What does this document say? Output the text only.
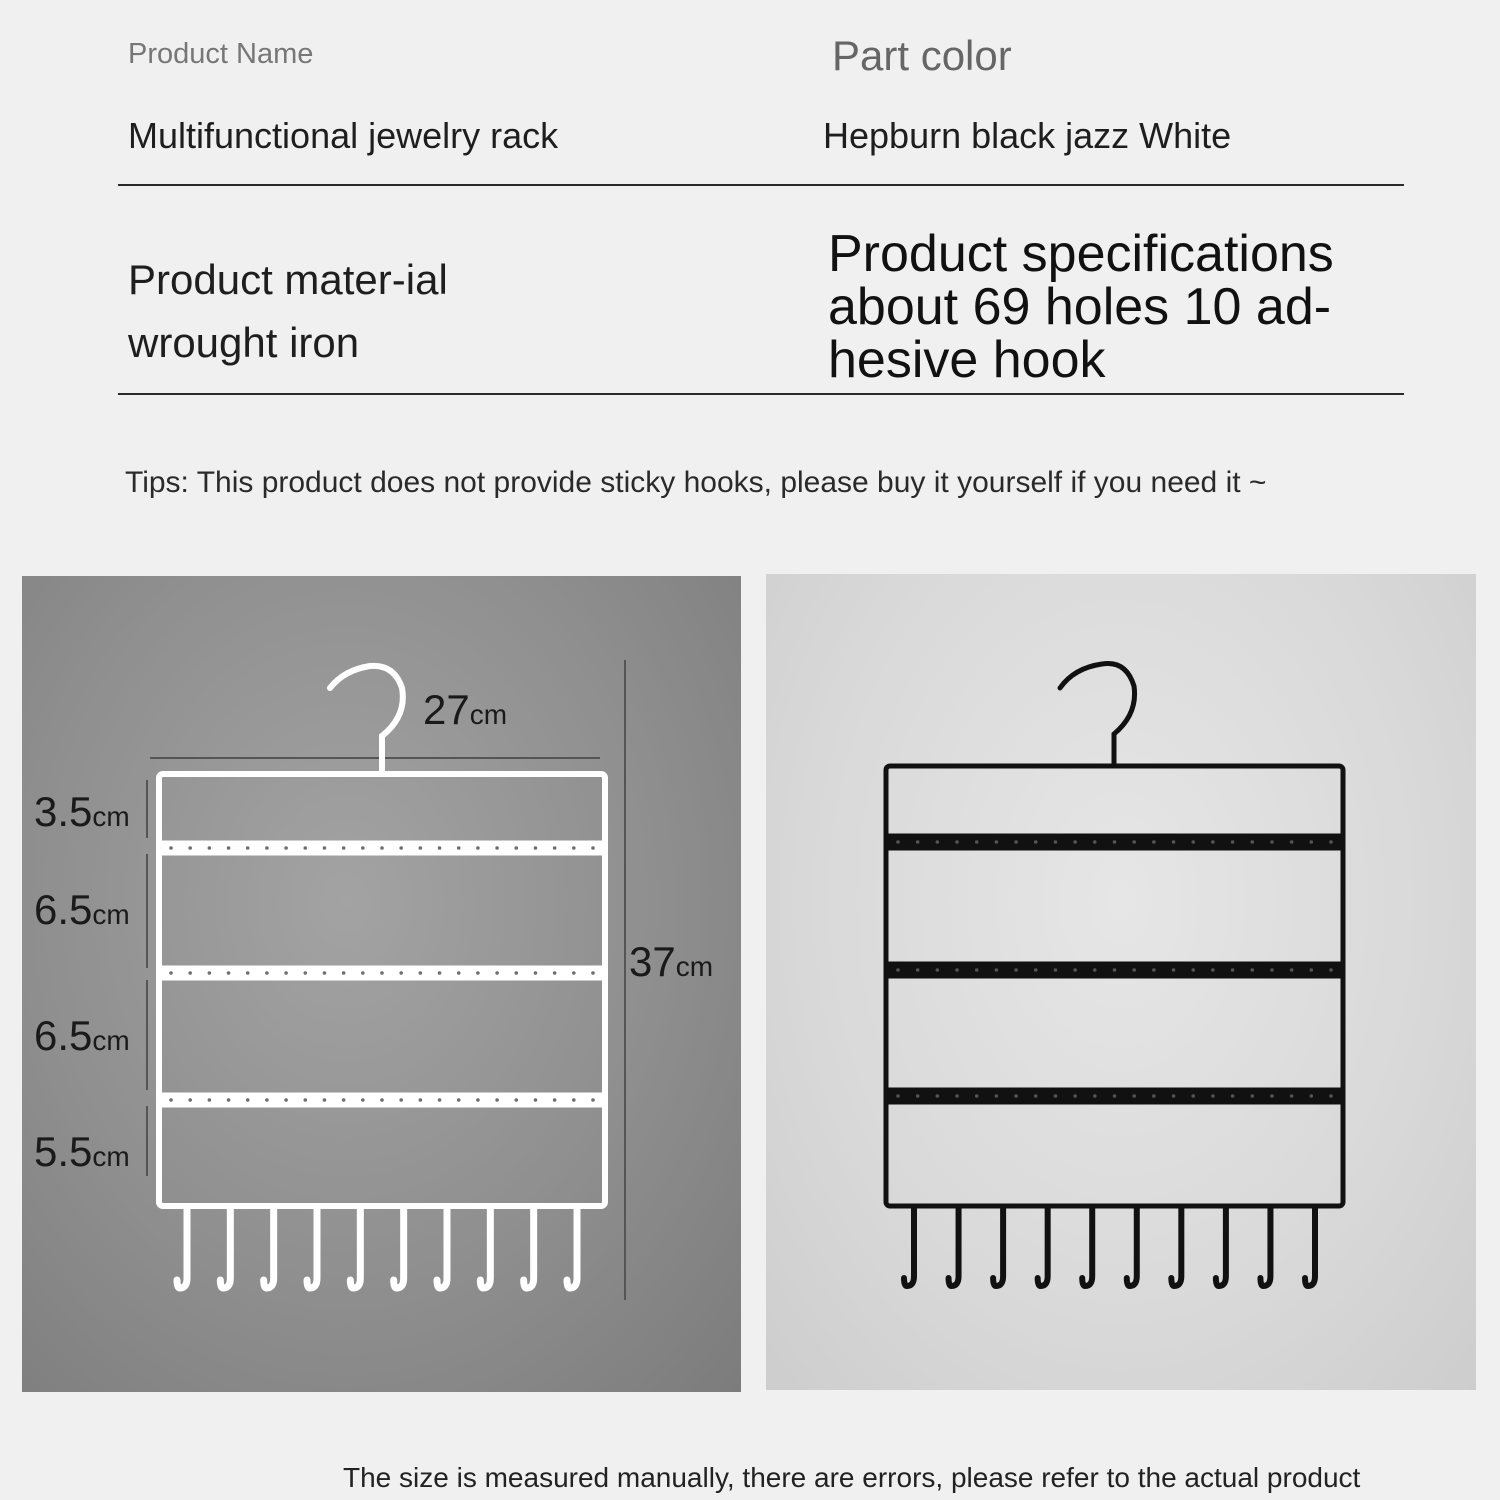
Product Name	Part color
Multifunctional jewelry rack	Hepburn black jazz White
Product mater-ial wrought iron
Product specifications about 69 holes 10 ad-hesive hook
Tips: This product does not provide sticky hooks, please buy it yourself if you need it ~
27cm
37cm
3.5cm
6.5cm
6.5cm
5.5cm
The size is measured manually, there are errors, please refer to the actual product
